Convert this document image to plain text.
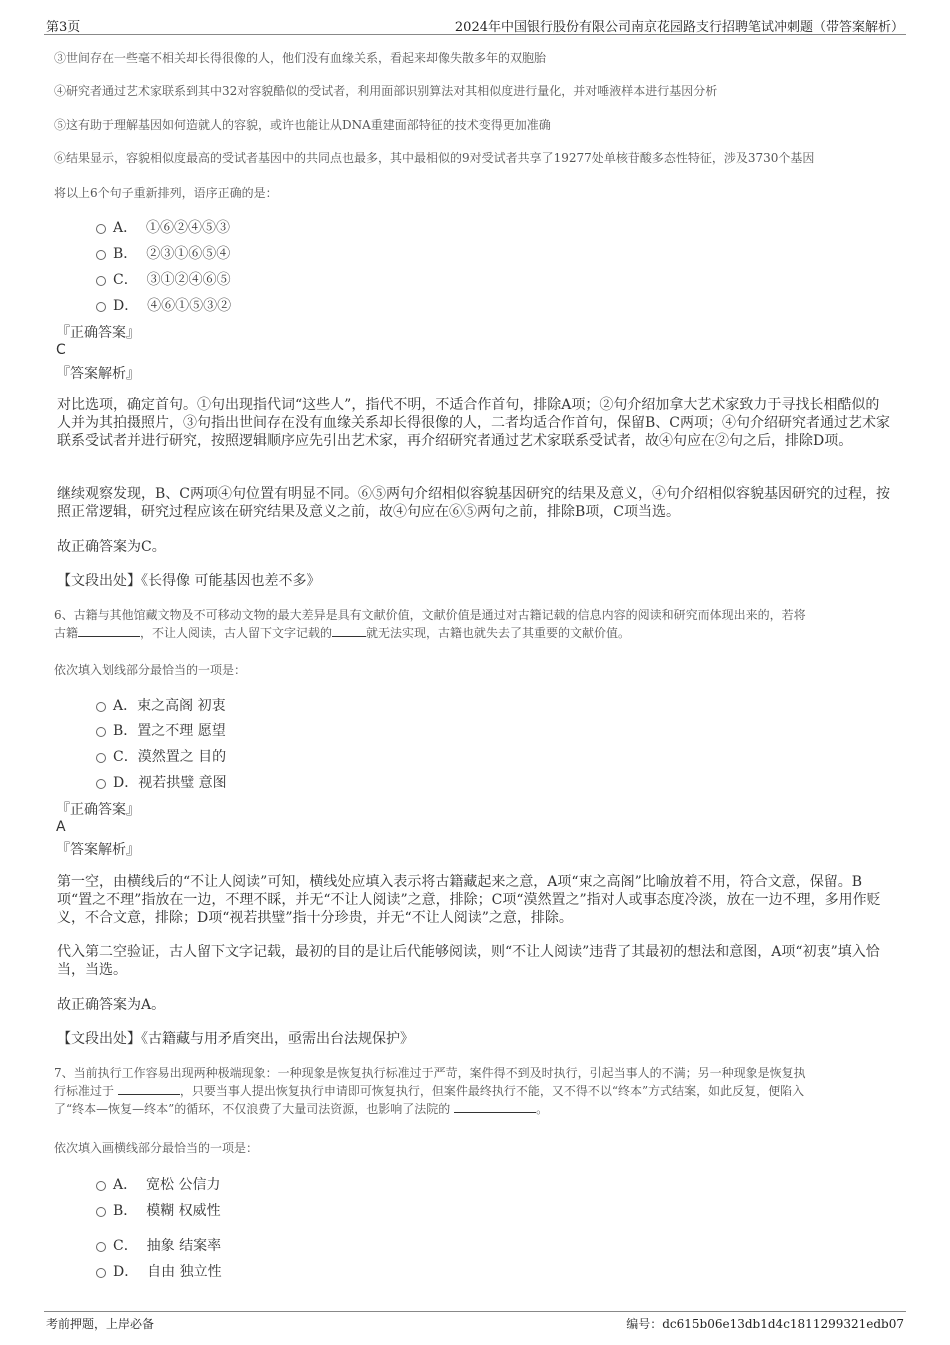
第3页	2024年中国银行股份有限公司南京花园路支行招聘笔试冲刺题（带答案解析）
③世间存在一些毫不相关却长得很像的人，他们没有血缘关系，看起来却像失散多年的双胞胎
④研究者通过艺术家联系到其中32对容貌酷似的受试者，利用面部识别算法对其相似度进行量化，并对唾液样本进行基因分析
⑤这有助于理解基因如何造就人的容貌，或许也能让从DNA重建面部特征的技术变得更加准确
⑥结果显示，容貌相似度最高的受试者基因中的共同点也最多，其中最相似的9对受试者共享了19277处单核苷酸多态性特征，涉及3730个基因
将以上6个句子重新排列，语序正确的是：
A． ①⑥②④⑤③
B． ②③①⑥⑤④
C． ③①②④⑥⑤
D． ④⑥①⑤③②
『正确答案』
C
『答案解析』
对比选项，确定首句。①句出现指代词“这些人”，指代不明，不适合作首句，排除A项；②句介绍加拿大艺术家致力于寻找长相酷似的人并为其拍摄照片，③句指出世间存在没有血缘关系却长得很像的人，二者均适合作首句，保留B、C两项；④句介绍研究者通过艺术家联系受试者并进行研究，按照逻辑顺序应先引出艺术家，再介绍研究者通过艺术家联系受试者，故④句应在②句之后，排除D项。
继续观察发现，B、C两项④句位置有明显不同。⑥⑤两句介绍相似容貌基因研究的结果及意义，④句介绍相似容貌基因研究的过程，按照正常逻辑，研究过程应该在研究结果及意义之前，故④句应在⑥⑤两句之前，排除B项，C项当选。
故正确答案为C。
【文段出处】《长得像 可能基因也差不多》
6、古籍与其他馆藏文物及不可移动文物的最大差异是具有文献价值，文献价值是通过对古籍记载的信息内容的阅读和研究而体现出来的，若将
古籍	，不让人阅读，古人留下文字记载的	就无法实现，古籍也就失去了其重要的文献价值。
依次填入划线部分最恰当的一项是：
A．束之高阁 初衷
B．置之不理 愿望
C．漠然置之 目的
D．视若拱璧 意图
『正确答案』
A
『答案解析』
第一空，由横线后的“不让人阅读”可知，横线处应填入表示将古籍藏起来之意，A项“束之高阁”比喻放着不用，符合文意，保留。B项“置之不理”指放在一边，不理不睬，并无“不让人阅读”之意，排除；C项“漠然置之”指对人或事态度冷淡，放在一边不理，多用作贬义，不合文意，排除；D项“视若拱璧”指十分珍贵，并无“不让人阅读”之意，排除。
代入第二空验证，古人留下文字记载，最初的目的是让后代能够阅读，则“不让人阅读”违背了其最初的想法和意图，A项“初衷”填入恰当，当选。
故正确答案为A。
【文段出处】《古籍藏与用矛盾突出，亟需出台法规保护》
7、当前执行工作容易出现两种极端现象：一种现象是恢复执行标准过于严苛，案件得不到及时执行，引起当事人的不满；另一种现象是恢复执
行标准过于	，只要当事人提出恢复执行申请即可恢复执行，但案件最终执行不能，又不得不以“终本”方式结案，如此反复，便陷入
了“终本—恢复—终本”的循环，不仅浪费了大量司法资源，也影响了法院的	。
依次填入画横线部分最恰当的一项是：
A． 宽松 公信力
B． 模糊 权威性
C． 抽象 结案率
D． 自由 独立性
考前押题，上岸必备	编号：dc615b06e13db1d4c1811299321edb07
